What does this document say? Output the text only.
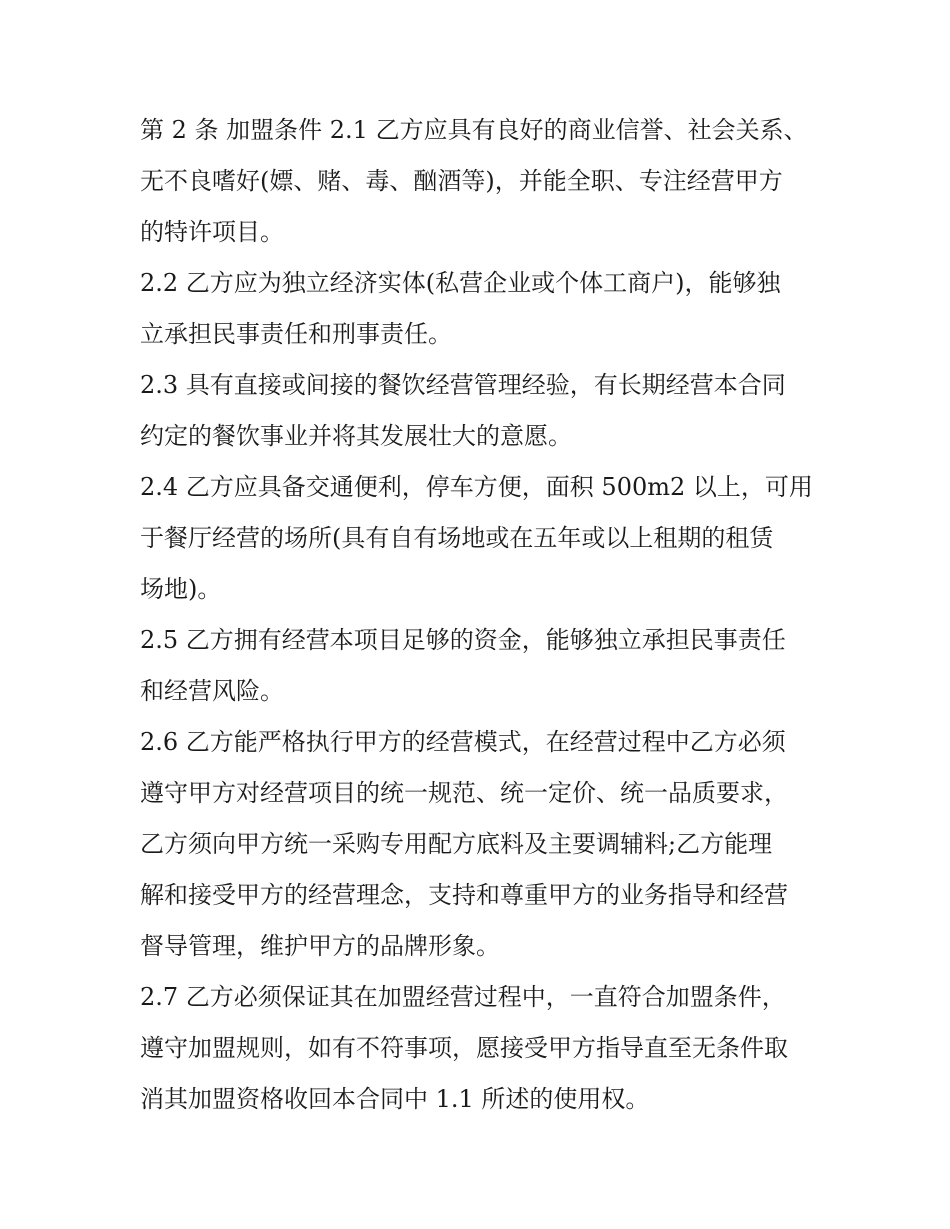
第 2 条 加盟条件 2.1 乙方应具有良好的商业信誉、社会关系、
无不良嗜好(嫖、赌、毒、酗酒等)，并能全职、专注经营甲方
的特许项目。
2.2 乙方应为独立经济实体(私营企业或个体工商户)，能够独
立承担民事责任和刑事责任。
2.3 具有直接或间接的餐饮经营管理经验，有长期经营本合同
约定的餐饮事业并将其发展壮大的意愿。
2.4 乙方应具备交通便利，停车方便，面积 500m2 以上，可用
于餐厅经营的场所(具有自有场地或在五年或以上租期的租赁
场地)。
2.5 乙方拥有经营本项目足够的资金，能够独立承担民事责任
和经营风险。
2.6 乙方能严格执行甲方的经营模式，在经营过程中乙方必须
遵守甲方对经营项目的统一规范、统一定价、统一品质要求，
乙方须向甲方统一采购专用配方底料及主要调辅料;乙方能理
解和接受甲方的经营理念，支持和尊重甲方的业务指导和经营
督导管理，维护甲方的品牌形象。
2.7 乙方必须保证其在加盟经营过程中，一直符合加盟条件，
遵守加盟规则，如有不符事项，愿接受甲方指导直至无条件取
消其加盟资格收回本合同中 1.1 所述的使用权。
